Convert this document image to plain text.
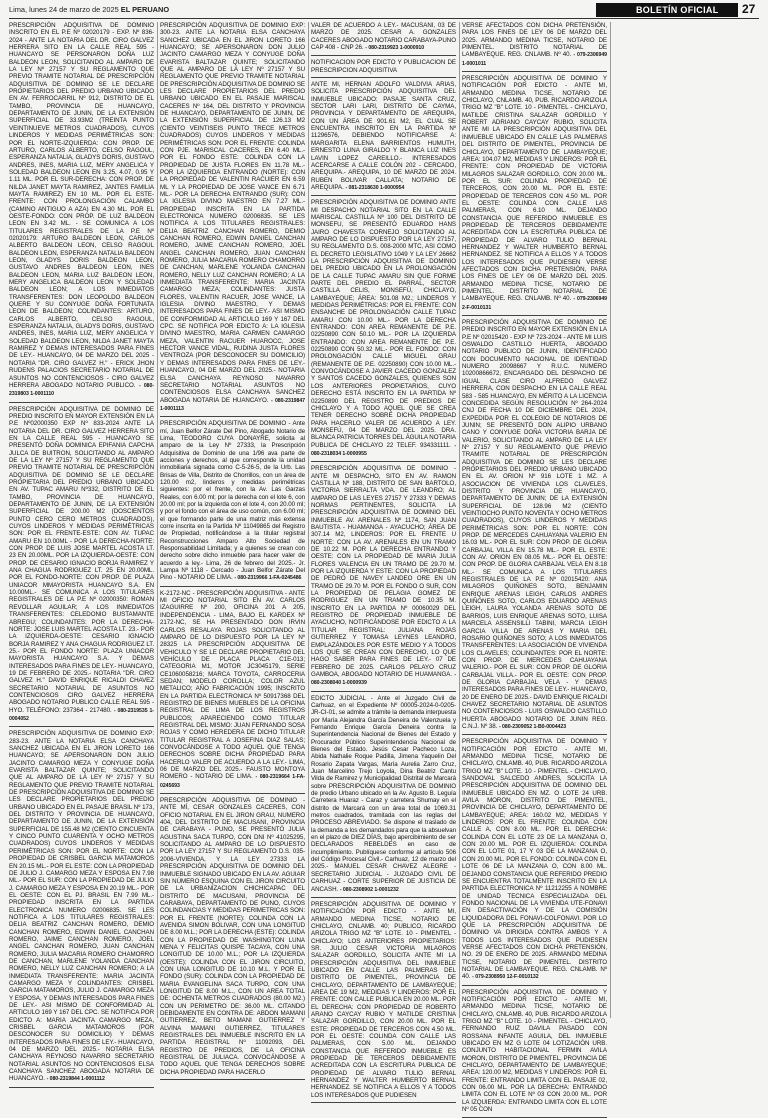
Lima, lunes 24 de marzo de 2025 EL PERUANO	BOLETÍN OFICIAL	27
PRESCRIPCIÓN ADQUISITIVA DE DOMINIO INSCRITO EN EL P.E Nº 02020179 - EXP. Nº 836-2024 - ANTE LA NOTARIA DEL DR. CIRO GALVEZ HERRERA SITO EN LA CALLE REAL 595 - HUANCAYO SE PERSONARON DOÑA LUZ BALDEON LEON, SOLICITANDO AL AMPARO DE LA LEY Nº 27157 Y SU REGLAMENTO QUE PREVIO TRAMITE NOTARIAL DE PRESCRIPCIÓN ADQUISITIVA DE DOMINIO SE LE DECLARE PROPIETARIOS DEL PREDIO URBANO UBICADO EN AV. FERROCARRIL Nº 912, DISTRITO DE EL TAMBO, PROVINCIA DE HUANCAYO, DEPARTAMENTO DE JUNIN, DE LA EXTENSIÓN SUPERFICIAL DE 33.93M2 (TREINTA PUNTO VEINTINUEVE METROS CUADRADOS), CUYOS LINDEROS Y MEDIDAS PERIMÉTRICAS SON: POR EL NORTE-IZQUIERDA: CON PROP. DE ARTURO, CARLOS ALBERTO, CELSO RAGOUL, ESPERANZA NATALIA, GLADYS DORIS, GUSTAVO ANDRES, INES, MARIA LUZ, MERY ANGELICA Y SOLEDAD BALDEON LEON EN 3.25, 4.07, 0.95 Y 1.11 ML. POR EL SUR-DERECHA: CON PROP. DE NILDA JANET MAYTA RAMIREZ, JANTES FAMILIA MAYTA RAMIREZ) EN 10 ML. POR EL ESTE-FRENTE: CON PROLONGACIÓN CALAMBO (CAMINO ANTIGUO A AZA) EN 4.30 ML. POR EL OESTE-FONDO: CON PROP. DE LUZ BALDEON LEON EN 3.42 ML. - SE COMUNICA A LOS TITULARES REGISTRALES DE LA P.E Nº 02020179: ARTURO BALDEON LEON, CARLOS ALBERTO BALDEON LEON, CELSO RAGOUL BALDEON LEON, ESPERANZA NATALIA BALDEON LEON, GLADYS DORIS BALDEON LEON, GUSTAVO ANDRES BALDEON LEON, INES BALDEON LEON, MARIA LUZ BALDEON LEON, MERY ANGELICA BALDEON LEON Y SOLEDAD BALDEON LEON; A LOS INMEDIATOS TRANSFERENTES: DON LEOPOLDO BALDEON QUERE Y SU CONYUGE DOÑA FORTUNATA LEON DE BALDEON; COLINDANTES: ARTURO, CARLOS ALBERTO, CELSO RAGOUL, ESPERANZA NATALIA, GLADYS DORIS, GUSTAVO ANDRES, INES, MARIA LUZ, MERY ANGELICA Y SOLEDAD BALDEON LEON, NILDA JANET MAYTA RAMIREZ Y DEMAS INTERESADOS PARA FINES DE LEY.- HUANCAYO, 04 DE MARZO DEL 2025 - NOTARIA "DR. CIRO GALVEZ H." - ERICK JHON RUDENS PALACIOS SECRETARIO NOTARIAL DE ASUNTOS NO CONTENCIOSOS - CIRO GALVEZ HERRERA ABOGADO NOTARIO PUBLICO. - 080-2319803 1-0001110
PRESCRIPCIÓN ADQUISITIVA DE DOMINIO DE PREDIO INSCRITO EN MAYOR EXTENSIÓN EN LA P.E Nº02000350 EXP Nº 833-2024 ANTE LA NOTARIA DEL DR. CIRO GALVEZ HERRERA SITO EN LA CALLE REAL 595 - HUANCAYO SE PRESENTÓ DOÑA DOMINICA EPIFANIA CAPCHA JULCA DE BUITRON, SOLICITANDO AL AMPARO DE LA LEY Nº 27157 Y SU REGLAMENTO QUE PREVIO TRAMITE NOTARIAL DE PRESCRIPCIÓN ADQUISITIVA DE DOMINIO SE LE DECLARE PROPIETARIA DEL PREDIO URBANO UBICADO EN AV. TUPAC AMARU Nº332, DISTRITO DE EL TAMBO, PROVINCIA DE HUANCAYO, DEPARTAMENTO DE JUNIN, DE LA EXTENSIÓN SUPERFICIAL DE 200.00 M2 (DOSCIENTOS PUNTO CERO CERO METROS CUADRADOS), CUYOS LINDEROS Y MEDIDAS PERIMÉTRICAS SON: POR EL FRENTE-ESTE: CON AV. TUPAC AMARU EN 10.00ML - POR LA DERECHA-NORTE: CON PROP. DE LUIS JOSE MARTEL ACOSTA LT. 23 EN 20.00ML. POR LA IZQUIERDA-OESTE: CON PROP. DE CESARIO IGNACIO BORJA RAMIREZ Y ANA CHAGUA RODRIGUEZ LT. 25 EN 20.00ML. POR EL FONDO-NORTE: CON PROP. DE PLAZA UNIACOR MMAYORISTA HUANCAYO S.A. EN 10.00ML.- SE COMUNICA A LOS TITULARES REGISTRALES DE LA P.E Nº 02000350: ROMAN REVOLLAR AGUILAR; A LOS INMEDIATOS TRANSFERENTES: CELEDONIO BUSTAMANTE ABREGU; COLINDANTES: POR LA DERECHA-NORTE: JOSE LUIS MARTEL ACOSTA LT. 23.- POR LA IZQUIERDA-OESTE: CESARIO IGNACIO BORJA RAMIREZ Y ANA CHAGUA RODRIGUEZ LT. 25.- POR EL FONDO NORTE: PLAZA UNIACOR MAYORISTA HUANCAYO S.A. Y DEMAS INTERESADOS PARA FINES DE LEY.- HUANCAYO, 19 DE FEBRERO DE 2025.- NOTARIA "DR. CIRO GALVEZ H." DAVID ENRIQUE RICALDI CHAVEZ SECRETARIO NOTARIAL DE ASUNTOS NO CONTENCIOSOS CIRO GALVEZ HERRERA ABOGADO NOTARIO PUBLICO CALLE REAL 595 - HYO. TELÉFONO: 237364 - 217480. - 080-2319535 1-0004052
PRESCRIPCIÓN ADQUISITIVA DE DOMINIO EXP: 283-23. ANTE LA NOTARIA ELSA CANCHAYA SANCHEZ UBICADA EN EL JIRON LORETO 166 HUANCAYO; SE APERSONARON DON JULIO JACINTO CAMARGO MEZA Y CONYUGE DOÑA EVARISTA BALTAZAR QUINTE; SOLICITANDO QUE AL AMPARO DE LA LEY Nº 27157 Y SU REGLAMENTO QUE PREVIO TRAMITE NOTARIAL DE PRESCRIPCIÓN ADQUISITIVA DE DOMINIO SE LES DECLARE PROPIETARIOS DEL PREDIO URBANO UBICADO EN EL PASAJE BRASIL Nº 173, DEL DISTRITO Y PROVINCIA DE HUANCAYO, DEPARTAMENTO DE JUNIN, DE LA EXTENSIÓN SUPERFICIAL DE 155.48 M2 (CIENTO CINCUENTA Y CINCO PUNTO CUARENTA Y OCHO METROS CUADRADOS) CUYOS LINDEROS Y MEDIDAS PERIMÉTRICAS SON: POR EL NORTE: CON LA PROPIEDAD DE CRISBEL GARCIA MATAMOROS EN 20.15 ML.- POR EL ESTE: CON LA PROPIEDAD DE JULIO J. CAMARGO MEZA Y ESPOSA EN 7.98 ML.- POR EL SUR: CON LA PROPIEDAD DE JULIO J. CAMARGO MEZA Y ESPOSA EN 20.19 ML.- POR EL OESTE: CON EL PJ. BRASIL EN 7.99 ML.- PROPIEDAD INSCRITA EN LA PARTIDA ELECTRONICA NUMERO 02006835. SE LES NOTIFICA A LOS TITULARES REGISTRALES: DELIA BEATRIZ CANCHAN ROMERO, DEMIO CANCHAN ROMERO, EDWIN DANIEL CANCHAN ROMERO, JAIME CANCHAN ROMERO, JOEL ANGEL CANCHAN ROMERO, JUAN CANCHAN ROMERO, JULIA MACARIA ROMERO CHAMORRO DE CANCHAN, MARLENE YOLANDA CANCHAN ROMERO, NELLY LUZ CANCHAN ROMERO; A LA INMEDIATA TRANSFERENTE: MARIA JACINTA CAMARGO MEZA Y COLINDANTES: CRISBEL GARCIA MATAMOROS, JULIO J. CAMARGO MEZA Y ESPOSA, Y DEMAS INTERESADOS PARA FINES DE LEY.- ASI MISMO DE CONFORMIDAD AL ARTICULO 169 Y 167 DEL CPC. SE NOTIFICA POR EDICTO A: MARIA JACINTA CAMARGO MEZA, CRISBEL GARCIA MATAMOROS (POR DESCONOCER SU DOMICILIO) Y DEMAS INTERESADOS PARA FINES DE LEY.- HUANCAYO, 04 DE MARZO DEL 2025.- NOTARIA ELSA CANCHAYA REYNOSO NAVARRO SECRETARIO NOTARIAL ASUNTOS NO CONTENCIOSOS ELSA CANCHAYA SANCHEZ ABOGADA NOTARIA DE HUANCAYO. - 080-2319844 1-0001112
PRESCRIPCIÓN ADQUISITIVA DE DOMINIO EXP: 300-23. ANTE LA NOTARIA ELSA CANCHAYA SANCHEZ UBICADA EN EL JIRON LORETO 166 HUANCAYO; SE APERSONARON DON JULIO JACINTO CAMARGO MEZA Y CONYUGE DOÑA EVARISTA BALTAZAR QUINTE; SOLICITANDO QUE AL AMPARO DE LA LEY Nº 27157 Y SU REGLAMENTO QUE PREVIO TRAMITE NOTARIAL DE PRESCRIPCIÓN ADQUISITIVA DE DOMINIO SE LES DECLARE PROPIETARIOS DEL PREDIO URBANO UBICADO EN EL PASAJE MARISCAL CACERES Nº 164, DEL DISTRITO Y PROVINCIA DE HUANCAYO, DEPARTAMENTO DE JUNIN, DE LA EXTENSIÓN SUPERFICIAL DE 126.13 M2 (CIENTO VEINTISEIS PUNTO TRECE METROS CUADRADOS) CUYOS LINDEROS Y MEDIDAS PERIMÉTRICAS SON: POR EL FRENTE: COLINDA CON PJE. MARISCAL CACERES, EN 6.40 ML.- POR EL FONDO ESTE: COLINDA CON LA PROPIEDAD DE JUSTA FLORES EN 11.78 ML.-POR LA IZQUIERDA ENTRANDO (NORTE): CON LA PROPIEDAD DE VALENTIN RACUIER EN 6.59 ML Y LA PROPIEDAD DE JOSE VANCE EN 6.71 ML.- POR LA DERECHA ENTRANDO (SUR): CON LA IGLESIA DIVINO MAESTRO EN 7.27 ML.- PROPIEDAD INSCRITA EN LA PARTIDA ELECTRONICA NUMERO 02006835. SE LES NOTIFICA A LOS TITULARES REGISTRALES: DELIA BEATRIZ CANCHAN ROMERO, DEMIO CANCHAN ROMERO, EDWIN DANIEL CANCHAN ROMERO, JAIME CANCHAN ROMERO, JOEL ANGEL CANCHAN ROMERO, JUAN CANCHAN ROMERO, JULIA MACARIA ROMERO CHAMORRO DE CANCHAN, MARLENE YOLANDA CANCHAN ROMERO, NELLY LUZ CANCHAN ROMERO; A LA INMEDIATA TRANSFERENTE: MARIA JACINTA CAMARGO MEZA; COLINDANTES: JUSTA FLORES, VALENTIN RACUER, JOSE VANCE, LA IGLESIA DIVINO MAESTRO, Y DEMAS INTERESADOS PARA FINES DE LEY.- ASI MISMO DE CONFORMIDAD AL ARTICULO 169 Y 167 DEL CPC. SE NOTIFICA POR EDICTO A: LA IGLESIA DIVINO MAESTRO, MARIA CARMEN CAMARGO MEZA, VALENTIN RACUER HUAROCC, JOSE HECTOR VANCE VIDAL, RUDINA JUSTA FLORES VENTROZA (POR DESCONOCER SU DOMICILIO) Y DEMAS INTERESADOS PARA FINES DE LEY.- HUANCAYO, 04 DE MARZO DEL 2025.- NOTARIA ELSA CANCHAYA REYNOSO NAVARRO SECRETARIO NOTARIAL ASUNTOS NO CONTENCIOSOS ELSA CANCHAYA SANCHEZ ABOGADA NOTARIA DE HUANCAYO. - 080-2319847 1-0001113
PRESCRIPCIÓN ADQUISITIVA DE DOMINIO - Ante mí, Juan Belfor Zárate Del Pino, Abogado Notario de Lima, TEODORO CUYA DONAYRE, solicita al amparo de la Ley Nº 27333, la Prescripción Adquisitiva de Dominio de una 1/96 ava parte de acciones y derechos, al que corresponde la unidad inmobiliaria signada como C-5-26-5, de la Urb. Las Brisas de Villa, Distrito de Chorrillos, con un área de 120.00 m2, linderos y medidas perimétricas siguientes: por el frente, con la Av. Las Garzas Reales, con 6.00 ml; por la derecha con el lote 6, con 20.00 ml; por la izquierda con el lote 4, con 20.00 ml; y por el fondo con el área de uso común, con 6.00 ml; el que formando parte de una matriz más extensa corre inscrita en la Partida Nº 11049865 del Registro de Propiedad, notificándose a la titular registral Reconstrucciones Amparo Alto Sociedad de Responsabilidad Limitada; y a quienes se crean con derecho sobre dicho inmueble para hacer valer de acuerdo a ley.- Lima, 26 de febrero del 2025.- Jr. Lampa Nº 1118 - Cercado - Juan Belfor Zárate Del Pino - NOTARIO DE LIMA. - 080-2319966 1-FA-0245486
K-2172-NC - PRESCRIPCIÓN ADQUISITIVA - ANTE MI OFICIO NOTARIAL SITO EN AV. CARLOS IZAGUIRRE Nº 200, OFICINA 201 A 205, INDEPENDENCIA - LIMA, BAJO EL KARDEX Nº 2172-NC, SE HA PRESENTADO DON IRVIN CARLOS RESALAYA ROJAS SOLICITANDO AL AMPARO DE LO DISPUESTO POR LA LEY Nº 28325 LA PRESCRIPCIÓN ADQUISITIVA DE VEHICULO Y SE LE DECLARE PROPIETARIO DEL VEHÍCULO DE PLACA PLACA C1E-013; CATEGORIA M1, MOTOR JC3045179, SERIE CE1060058216; MARCA TOYOTA, CARROCERIA SEDAN; MODELO COROLLA; COLOR AZUL METALICO; AÑO FABRICACIÓN 1995; INSCRITO EN LA PARTIDA ELECTRONICA Nº 50917368 DEL REGISTRO DE BIENES MUEBLES DE LA OFICINA REGISTRAL DE LIMA DE LOS REGISTROS PUBLICOS; APARECIENDO COMO TITULAR REGISTRAL DEL MISMO: JUAN FERNANDO SOSA ROJAS Y COMO HEREDERA DE DICHO TITULAR TITULAR REGISTRAL A JOSEFINA DIAZ SALAS; CONVOCÁNDOSE A TODO AQUEL QUE TENGA DERECHOS SOBRE DICHA PROPIEDAD PARA HACERLO VALER DE ACUERDO A LA LEY.- LIMA, 06 DE MARZO DEL 2025.- FAUSTO MONTOYA ROMERO - NOTARIO DE LIMA. - 080-2319664 1-FA-0245693
PRESCRIPCIÓN ADQUISITIVA DE DOMINIO - ANTE MÍ, CESAR GONZALES CACERES, CON OFICIO NOTARIAL EN EL JIRON GRAU, NUMERO 404, DEL DISTRITO DE MACUSANI, PROVINCIA DE CARABAYA - PUNO, SE PRESENTÓ JULIA AGUSTINA SACA TURPO, CON DNI Nº 41025295, SOLICITANDO AL AMPARO DE LO DISPUESTO POR LA LEY 27157 Y SU REGLAMENTO D.S. 035-2006-VIVIENDA, Y LA LEY 27333 LA PRESCRIPCIÓN ADQUISITIVA DE DOMINIO DEL INMUEBLE SIGNADO UBICADO EN LA AV. AGUIAR SIN NÚMERO ESQUINA CON EL JIRON CIRCUITO DE LA URBANIZACION CHICHICAPAC DEL DISTRITO DE MACUSANI, PROVINCIA DE CARABAYA, DEPARTAMENTO DE PUNO, CUYOS COLINDANCIAS Y MEDIDAS PERIMETRICAS SON: POR EL FRENTE (NORTE): COLINDA CON LA AVENIDA SIMON BOLIVAR, CON UNA LONGITUD DE 8.00 M.L.; POR LA DERECHA (ESTE): COLINDA CON LA PROPIEDAD DE WASHINGTON LUNA MENA Y FELICITAS QUISPE TACAYA, CON UNA LONGITUD DE 10.00 M.L.; POR LA IZQUIERDA (OESTE): COLINDA CON EL JIRON CIRCUITO, CON UNA LONGITUD DE 10.10 M.L. Y POR EL FONDO (SUR): COLINDA CON LA PROPIEDAD DE MARIA EVANGELINA SACA TURPO, CON UNA LONGITUD DE 8.00 M.L., CON UN AREA TOTAL DE: OCHENTA METROS CUADRADOS (80.00 M2.) CON UN PERIMETRO DE: 36.00 ML. CITANDO DEBIDAMENTE EN CONTRA DE: ABDON MAMANI GUTIERREZ, BETO MAMANI GUTIERREZ Y ALVINA MAMANI GUTIERREZ, TITULARES REGISTRALES DEL INMUEBLE INSCRITO EN LA PARTIDA REGISTRAL Nº 11092093, DEL REGISTRO DE PREDIOS, DE LA OFICINA REGISTRAL DE JULIACA. CONVOCÁNDOSE A TODO AQUEL QUE TENGA DERECHOS SOBRE DICHA PROPIEDAD PARA HACERLO
VALER DE ACUERDO A LEY.- MACUSANI, 03 DE MARZO DE 2025. CESAR A. GONZALES CACERES ABOGADO NOTARIO CARABAYA-PUNO CAP 408 - CNP 26. - 080-2319923 1-0000910
NOTIFICACION POR EDICTO Y PUBLICACION DE PRESCRIPCION ADQUISITIVA
ANTE MI, HERNAN ADOLFO VALDIVIA ARIAS, SOLICITA PRESCRIPCIÓN ADQUISITIVA DEL INMUEBLE UBICADO: PASAJE SANTA CRUZ, SECTOR LARI LARI, DISTRITO DE CAYMA, PROVINCIA Y DEPARTAMENTO DE AREQUIPA, CON UN ÁREA DE 901.61 M2, EL CUAL SE ENCUENTRA INSCRITO EN LA PARTIDA Nº 11296576, DEBIENDO NOTIFICARSE A: MARGARITA ELENA BARRIENTOS HUMUTH, ERNESTO LUNA GIRALDO Y BLANCA LUZ INES LAVIN LOPEZ CAREILLO.- INTERESADOS ACERCARSE A CALLE COLÓN 202 - CERCADO, AREQUIPA.- AREQUIPA, 10 DE MARZO DE 2024. RUBEN BOLIVAR CALLATA; NOTARIO DE AREQUIPA. - 081-2318630 1-0000954
PRESCRIPCIÓN ADQUISITIVA DE DOMINIO ANTE MI DESPACHO NOTARIAL SITO EN LA CALLE MARISCAL CASTILLA Nº 100 DEL DISTRITO DE MONSEFU, SE PRESENTÓ EDUARDO HANS JAIRO CHAVESTA CORNEJO SOLICITANDO AL AMPARO DE LO DISPUESTO POR LA LEY 27157, SU REGLAMENTO D.S. 008-2000 MTC, ASI COMO EL DECRETO LEGISLATIVO 1049 Y LA LEY 26662 LA PRESCRIPCIÓN ADQUISITIVA DE DOMINIO DEL PREDIO UBICADO EN LA PROLONGACIÓN DE LA CALLE TUPAC AMARU SIN QUE FORME PARTE DEL PREDIO EL PARRAL, SECTOR CASTILLA CELIS, MONSEFÚ, CHICLAYO, LAMBAYEQUE; ÁREA: 501.08 M2.; LINDEROS Y MEDIDAS PERIMÉTRICAS: POR EL FRENTE: CON ENSANCHE DE PROLONGACIÓN CALLE TUPAC AMARU CON 10.00 ML.- POR LA DERECHA ENTRANDO: CON AREA REMANENTE DE P.E. 02250890 CON 50.10 ML.- POR LA IZQUIERDA ENTRANDO: CON AREA REMANENTE DE P.E. 02250890 CON 50.32 ML.- POR EL FONDO: CON PROLONGACIÓN CALLE MIGUEL GRAU (REMANENTE DE P.E. 02250890) CON 10.00 ML.- CONVOCÁNDOSE A JAVIER CACEDO GONZALEZ Y SANTOS CACEDO GONZALES, QUIENES SON LOS ANTERIORES PROPIETARIOS, CUYO DERECHO ESTÁ INSCRITO EN LA PARTIDA Nº 02250890 DEL REGISTRO DE PREDIOS DE CHICLAYO Y A TODO AQUEL QUE SE CREA TENER DERECHO SOBRE DICHA PROPIEDAD PARA HACERLO VALER DE ACUERDO A LEY. MONSEFÚ, 04 DE MARZO DEL 2025. DRA. BLANCA PATRICIA TORRES DEL ÁGUILA NOTARIA PUBLICA DE CHICLAYO 22 TELEF. 934331111. - 080-2318034 1-0000955
PRESCRIPCIÓN ADQUISITIVA DE DOMINIO - ANTE MI DESPACHO, SITO EN AV. RAMON CASTILLA Nº 188, DISTRITO DE SAN BARTOLO, VICTORIA SIERRALTA VDA. DE LEANDRO; AL AMPARO DE LAS LEYES 27157 Y 27333 Y DEMAS NORMAS PERTINENTES, SOLICITA LA PRESCRIPCIÓN ADQUISITIVA DE DOMINIO DEL INMUEBLE AV. ARENALES Nº 1174, SAN JUAN BAUTISTA - HUAMANGA - AYACUCHO; ÁREA DE 307.14 M2, LINDEROS: POR EL FRENTE U NORTE: CON LA AV. ARENALES EN UN TRAMO DE 10.22 M. POR LA DERECHA ENTRANDO Y OESTE: CON LA PROPIEDAD DE MARIA JULIA FLORES VALENCIA EN UN TRAMO DE 29.70 M. POR LA IZQUIERDA Y ESTE: CON LA PROPIEDAD DE PEDRO DE NAVEY LANDEO ORE EN UN TRAMO DE 29.70 M. POR EL FONDO O SUR, CON LA PROPIEDAD DE PELAGIA GOMEZ DE RODRIGUEZ EN UN TRAMO DE 10.35 M. INSCRITO EN LA PARTIDA Nº 00060029 DEL REGISTRO DE PROPIEDAD INMUEBLE DE AYACUCHO, NOTIFICÁNDOSE POR EDICTO A LA TITULAR REGISTRAL: JULIANA ROJAS GUTIERREZ Y TOMASA LEYNES LEANDRO, EMPLAZÁNDOLES POR ESTE MEDIO Y A TODOS LOS QUE SE CREAN CON DERECHO, LO QUE HAGO SABER PARA FINES DE LEY.- 07 DE FEBRERO DE 2025. CARLOS PELAYO CRUZ GAMBOA, ABOGADO NOTARIO DE HUAMANGA. - 080-2308040 1-0000939
EDICTO JUDICIAL - Ante el Juzgado Civil de Carhuaz, en el Expediente Nº 00005-2024-0-0205-JR-CI-01, se admite a trámite la demanda interpuesta por María Alejandra García Deneira de Valenzuela y Fernando Enrique García Deneira contra la Superintendencia Nacional de Bienes del Estado y Procurador Público Superintendencia Nacional de Bienes del Estado. Jesús Cesar Pacheco Loza, Abida Nathalie Roque Padilla, Jimena Yaquelin Del Rosario Zapata Vargas, María Aurelia Zarro Cruz, Juan Marcelino Trejo Loyola, Dina Beatriz Cantu Vilda de Ramirez y Municipalidad Distrital de Marcará sobre PRESCRIPCIÓN ADQUISITIVA DE DOMINIO de predio Urbano ubicado en la Av. Agusto B. Leguía Carretera Huaraz - Caraz y carretera Shumay en el distrito de Marcará con un área total de 1069.31 metros cuadrados, tramitada con las reglas del PROCESO ABREVIADO. Se dispone el traslado de la demanda a los demandados para que la absuelvan en el plazo de DIEZ DÍAS, bajo apercibimiento de ser DECLARADOS REBELDES en caso de incumplimiento. Publíquese conforme al artículo 506 del Código Procesal Civil.- Carhuaz, 12 de marzo del 2025.- MANUEL CESAR CHAVEZ ALEGRE - SECRETARIO JUDICIAL - JUZGADO CIVIL DE CARHUAZ - CORTE SUPERIOR DE JUSTICIA DE ANCASH. - 080-2308902 1-0001232
PRESCRIPCIÓN ADQUISITIVA DE DOMINIO Y NOTIFICACIÓN POR EDICTO - ANTE MI, ARMANDO MEDINA TICSE, NOTARIO DE CHICLAYO, CNLAMB. 40; PUBLICO, RICARDO ARIZOLA TRIGO MZ "B" LOTE. 10 - PIMENTEL - CHICLAYO; LOS ANTERIORES PROPIETARIOS: SR. JULIO CESAR VICTORIA MILAGROS SALAZAR GORDILLO, SOLICITA ANTE MI LA PRESCRIPCIÓN ADQUISITIVA DEL INMUEBLE UBICADO EN CALLE LAS PALMERAS DEL DISTRITO DE PIMENTEL, PROVINCIA DE CHICLAYO, DEPARTAMENTO DE LAMBAYEQUE; AREA DE 19 M2, MEDIDAS Y LINDEROS: POR EL FRENTE: CON CALLE PUBLICA EN 20.00 ML. POR EL DERECHA: CON PROPIEDAD DE ROBERTO ARANO CAYCAY RUBIO Y MATILDE CRISTINA SALAZAR GORDILLO, CON 20.00 ML. POR EL ESTE: PROPIEDAD DE TERCEROS CON 4.50 ML. POR EL OESTE: COLINDA CON CALLE LAS PALMERAS, CON 5.00 ML. DEJANDO CONSTANCIA QUE REFERIDO INMUEBLE ES PROPIEDAD DE TERCEROS DEBIDAMENTE ACREDITADA CON LA ESCRITURA PUBLICA DE PROPIEDAD DE ALVARO TULIO BERNAL HERNANDEZ Y WALTER HUMBERTO BERNAL HERNANDEZ. SE NOTIFICA A ELLOS Y A TODOS LOS INTERESADOS QUE PUDIESEN
VERSE AFECTADOS CON DICHA PRETENSIÓN, PARA LOS FINES DE LEY 06 DE MARZO DEL 2025. ARMANDO MEDINA TICSE, NOTARIO DE PIMENTEL. DISTRITO NOTARIAL DE LAMBAYEQUE. REG. CNLAMB. Nº 40. - 079-2306949 1-0001011
PRESCRIPCIÓN ADQUISITIVA DE DOMINIO Y NOTIFICACIÓN POR EDICTO - ANTE MI, ARMANDO MEDINA TICSE, NOTARIO DE CHICLAYO, CNLAMB. 40, PUB. RICARDO ARIZOLA TRIGO MZ "B" LOTE. 10 - PIMENTEL - CHICLAYO, MATILDE CRISTINA SALAZAR GORDILLO Y ROBERT ADRIANO CAYCAY RUBIO, SOLICITA ANTE MI LA PRESCRIPCIÓN ADQUISITIVA DEL INMUEBLE UBICADO EN CALLE LAS PALMERAS DEL DISTRITO DE PIMENTEL, PROVINCIA DE CHICLAYO, DEPARTAMENTO DE LAMBAYEQUE; AREA: 104.07 M2, MEDIDAS Y LINDEROS: POR EL FRENTE: CON PROPIEDAD DE VICTORIA MILAGROS SALAZAR GORDILLO, CON 20.00 ML. POR EL SUR: COLINDA PROPIEDAD DE TERCEROS, CON 20.00 ML. POR EL ESTE: PROPIEDAD DE TERCEROS CON 4.50 ML. POR EL OESTE: COLINDA CON CALLE LAS PALMERAS, CON 6.10 ML. DEJANDO CONSTANCIA QUE REFERIDO INMUEBLE ES PROPIEDAD DE TERCEROS DEBIDAMENTE ACREDITADA CON LA ESCRITURA PUBLICA DE PROPIEDAD DE ALVARO TULIO BERNAL HERNANDEZ Y WALTER HUMBERTO BERNAL HERNANDEZ. SE NOTIFICA A ELLOS Y A TODOS LOS INTERESADOS QUE PUDIESEN VERSE AFECTADOS CON DICHA PRETENSIÓN, PARA LOS FINES DE LEY 06 DE MARZO DEL 2025. ARMANDO MEDINA TICSE, NOTARIO DE PIMENTEL. DISTRITO NOTARIAL DE LAMBAYEQUE. REG. CNLAMB. Nº 40. - 079-2306949 2-F-0010131
PRESCRIPCIÓN ADQUISITIVA DE DOMINIO DE PREDIO INSCRITO EN MAYOR EXTENSIÓN EN LA P.E Nº 02015420 - EXP Nº 723-2024 - ANTE MI LUIS OSWALDO CASTILLO HUERTA, ABOGADO NOTARIO PUBLICO DE JUNIN, IDENTIFICADO CON DOCUMENTO NACIONAL DE IDENTIDAD NUMERO 20098667 Y R.U.C. NUMERO 10200866672, ENCARGADO DEL DESPACHO DE IGUAL CLASE CIRO ALFREDO GALVEZ HERRERA, CON DESPACHO EN LA CALLE REAL 583 - 585 HUANCAYO, EN MÉRITO A LA LICENCIA CONCEDIDA SEGÚN RESOLUCIÓN Nº 264-2024 CNJ DE FECHA 10 DE DICIEMBRE DEL 2024, EXPEDIDA POR EL COLEGIO DE NOTARIOS DE JUNIN; SE PRESENTÓ DON ALIPIO URBANO CANO Y CONYUGE DOÑA VICTORIA BARJA DE VALERIO, SOLICITANDO AL AMPARO DE LA LEY Nº 27157 Y SU REGLAMENTO QUE PREVIO TRAMITE NOTARIAL DE PRESCRIPCIÓN ADQUISITIVA DE DOMINIO SE LES DECLARE PROPIETARIOS DEL PREDIO URBANO UBICADO EN EL AV. ORION Nº 916 LOTE 1 MZ. A ASOCIACION DE VIVIENDA LOS CLAVELES, DISTRITO Y PROVINCIA DE HUANCAYO, DEPARTAMENTO DE JUNIN; DE LA EXTENSIÓN SUPERFICIAL DE 128.96 M2 (CIENTO VEINTIOCHO PUNTO NOVENTA Y OCHO METROS CUADRADOS), CUYOS LINDEROS Y MEDIDAS PERIMÉTRICAS SON: POR EL NORTE: CON PROP. DE MERCEDES CAHUAYANA VALERIO EN 16.03 ML.- POR EL SUR: CON PROP. DE GLORIA CARBAJAL VILLA EN 15.78 ML.- POR EL ESTE: CON AV. ORION EN 08.05 ML.- POR EL OESTE: CON PROP. DE GLORIA CARBAJAL VELA EN 8.18 ML.- SE COMUNICA A LOS TITULARES REGISTRALES DE LA P.E Nº 02015420: ANA MILAGROS QUIÑONES SOTO, BENJAMIN ENRIQUE ARENAS LEIGH, CARLOS ANDRES QUIÑONES SOTO, CARLOS EDUARDO ARENAS LEIGH, LAURA YOLANDA ARENAS SOTO DE BARRIOS, LUIS ENRIQUE ARENAS SOTO, LUISA MARCELA ASSENSILLI TABINI, MARCIA LEIGH GARCIA VILLA DE ARENAS Y MARIA DEL ROSARIO QUIÑONES SOTO; A LOS INMEDIATOS TRANSFERENTES: LA ASOCIACIÓN DE VIVIENDA LOS CLAVELES; COLINDANTES: POR EL NORTE: CON PROP. DE MERCEDES CAHUAYANA VALERIO.- POR EL SUR: CON PROP. DE GLORIA CARBAJAL VILLA.- POR EL OESTE: CON PROP. DE GLORIA CARBAJAL VELA - Y DEMAS INTERESADOS PARA FINES DE LEY.- HUANCAYO, 20 DE ENERO DE 2025.- DAVID ENRIQUE RICALDI CHAVEZ SECRETARIO NOTARIAL DE ASUNTOS NO CONTENCIOSOS - LUIS OSWALDO CASTILLO HUERTA ABOGADO NOTARIO DE JUNIN REG. C.N.J. Nº 38. - 080-2309052 1-B0-0004423
PRESCRIPCIÓN ADQUISITIVA DE DOMINIO Y NOTIFICACIÓN POR EDICTO - ANTE MI, ARMANDO MEDINA TICSE, NOTARIO DE CHICLAYO, CNLAMB. 40, PUB. RICARDO ARIZOLA TRIGO MZ "B" LOTE. 10 - PIMENTEL - CHICLAYO, SANDOVAL SALCEDO ANDRES, SOLICITA LA PRESCRIPCIÓN ADQUISITIVA DE DOMINIO DEL INMUEBLE UBICADO EN MZ. O LOTE 24 URB. AVILA MORON, DISTRITO DE PIMENTEL, PROVINCIA DE CHICLAYO, DEPARTAMENTO DE LAMBAYEQUE; AREA: 160.02 M2, MEDIDAS Y LINDEROS: POR EL FRENTE: COLINDA CON CALLE A, CON 8.00 ML. POR EL DERECHA: COLINDA CON EL LOTE 23 DE LA MANZANA O, CON 20.00 ML. POR EL IZQUIERDA: COLINDA CON EL LOTE 01, 17 Y 03 DE LA MANZANA O, CON 20.00 ML. POR EL FONDO: COLINDA CON EL LOTE 06 DE LA MANZANA O, CON 8.00 ML. DEJANDO CONSTANCIA QUE REFERIDO PREDIO SE ENCUENTRA TOTALMENTE INSCRITO EN LA PARTIDA ELECTRONICA Nº 11212255 A NOMBRE DE UNIDAD TECNICA ESPECIALIZADA DEL FONDO NACIONAL DE LA VIVIENDA UTE-FONAVI EN DESACTIVACIÓN Y DE LA COMISIÓN LIQUIDADORA DEL FONAVI-COLFONAVI. POR LO QUE LA PRESCRIPCIÓN ADQUISITIVA DE DOMINIO VA DIRIGIDA CONTRA AMBOS Y A TODOS LOS INTERESADOS QUE PUDIESEN VERSE AFECTADOS CON DICHA PRETENSIÓN, NO. 29 DE ENERO DE 2025. ARMANDO MEDINA TICSE, NOTARIO DE PIMENTEL. DISTRITO NOTARIAL DE LAMBAYEQUE. REG. CNLAMB. Nº 40. - 079-2308950 12-F-0010132
PRESCRIPCIÓN ADQUISITIVA DE DOMINIO Y NOTIFICACIÓN POR EDICTO - ANTE MI, ARMANDO MEDINA TICSE, NOTARIO DE CHICLAYO, CNLAMB. 40, PUB. RICARDO ARIZOLA TRIGO MZ "B" LOTE. 10 - PIMENTEL - CHICLAYO, FERNANDO RUIZ DAVILA PASADO CON ROSSANA INFANTE AGUILA, DEL INMUEBLE UBICADO EN MZ G LOTE 04 LOTIZACIÓN URB. CONJUNTO HABITACIONAL FERMIN AVILA MORON, DISTRITO DE PIMENTEL, PROVINCIA DE CHICLAYO, DEPARTAMENTO DE LAMBAYEQUE; AREA: 120.00 M2, MEDIDAS Y LINDEROS: POR EL FRENTE: ENTRANDO LIMITA CON EL PASAJE 02, CON 06.00 ML. POR LA DERECHA: ENTRANDO LIMITA CON EL LOTE Nº 03 CON 20.00 ML. POR LA IZQUIERDA: ENTRANDO LIMITA CON EL LOTE Nº 05 CON
